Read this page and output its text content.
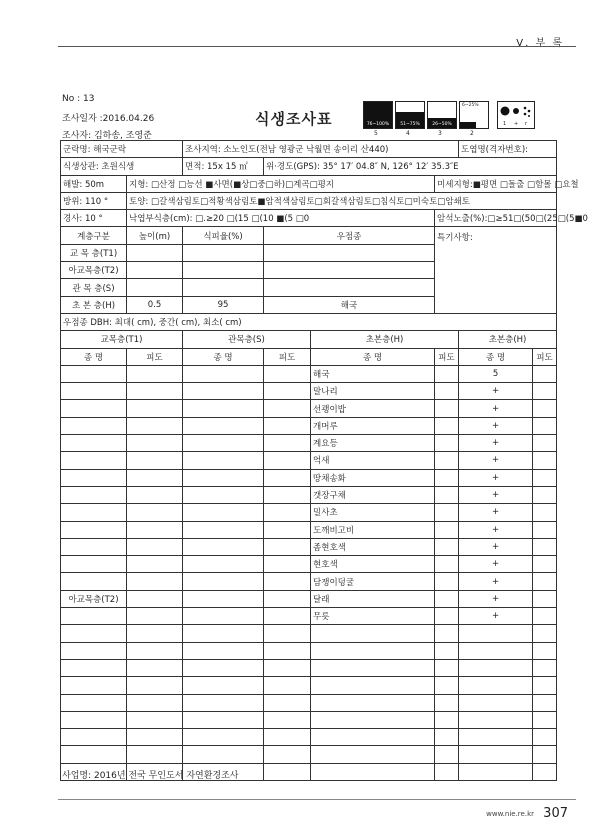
Ⅴ. 부 록
No : 13
조사일자 :2016.04.26
조사자: 김하송, 조영준
식생조사표	76~100%	51~75%	26~50%
6~25%
5	4	3	2
1 + r
군락명: 해국군락		조사지역: 소노인도(전남 영광군 낙월면 송이리 산440)				도엽명(격자번호):	
식생상관: 초원식생		면적: 15x 15 ㎡	위·경도(GPS): 35° 17′ 04.8″ N, 126° 12′ 35.3″E				
해발: 50m	지형: □산정 □능선 ■사면(■상□중□하)□계곡□평지				미세지형:■평면 □돌출 □함몰 □요철		
방위: 110 °	토양: □갈색삼림토□적황색삼림토■암적색삼림토□회갈색삼림토□침식토□미숙토□암쇄토						
경사: 10 °	낙엽부식층(cm): □.≥20 □(15 □(10 ■(5 □0				암석노출(%):□≥51□(50□(25□(5■0		
계층구분	높이(m)	식피율(%)	우점종		특기사항:		
교 목 층(T1)							
아교목층(T2)							
관 목 층(S)							
초 본 층(H)	0.5	95	해국				
우점종 DBH: 최대( cm), 중간( cm), 최소( cm)							
교목층(T1)		관목층(S)		초본층(H)		초본층(H)	
종 명	피도	종 명	피도	종 명	피도	종 명	피도
				해국		5	
				말나리		+	
				선괭이밥		+	
				개머루		+	
				계요등		+	
				억새		+	
				땅채송화		+	
				갯장구채		+	
				밀사초		+	
				도깨비고비		+	
				좀현호색		+	
				현호색		+	
				담쟁이덩굴		+	
아교목층(T2)				달래		+	
				무릇		+	

사업명: 2016년 전국 무인도서 자연환경조사
www.nie.re.kr 307
